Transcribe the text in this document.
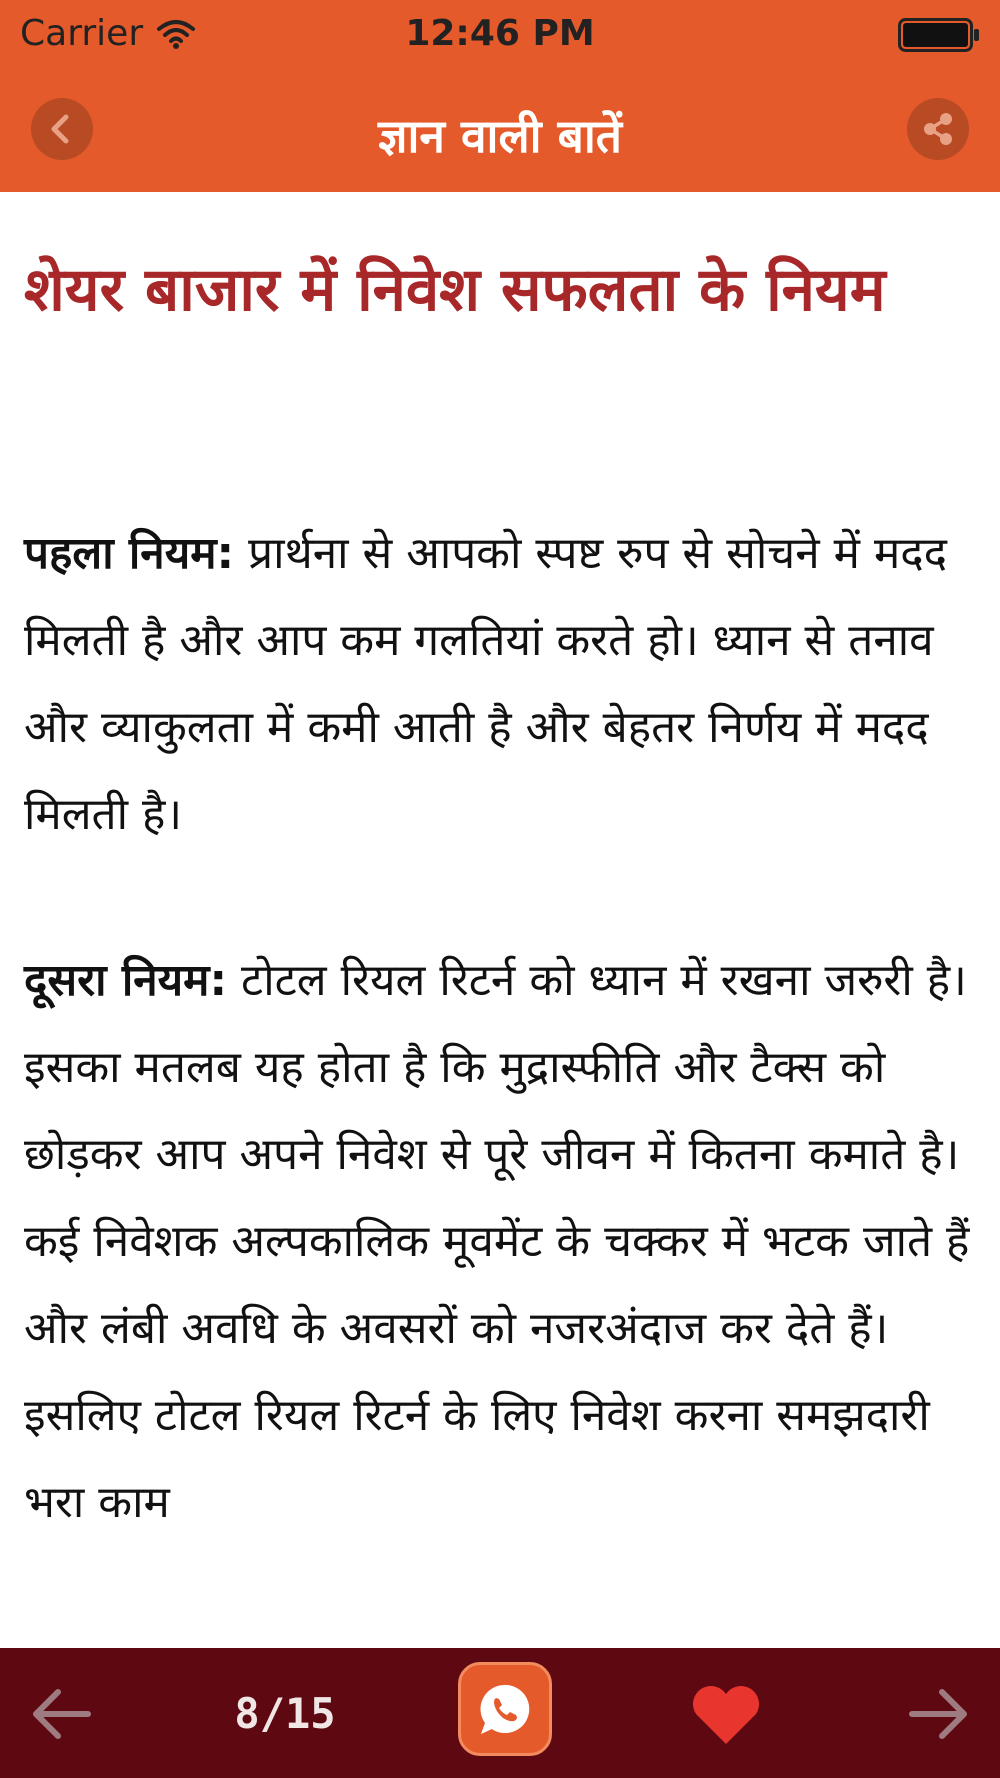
Carrier	12:46 PM
ज्ञान वाली बातें
शेयर बाजार में निवेश सफलता के नियम

पहला नियम: प्रार्थना से आपको स्पष्ट रुप से सोचने में मदद मिलती है और आप कम गलतियां करते हो। ध्यान से तनाव और व्याकुलता में कमी आती है और बेहतर निर्णय में मदद मिलती है।

दूसरा नियम: टोटल रियल रिटर्न को ध्यान में रखना जरुरी है। इसका मतलब यह होता है कि मुद्रास्फीति और टैक्स को छोड़कर आप अपने निवेश से पूरे जीवन में कितना कमाते है। कई निवेशक अल्पकालिक मूवमेंट के चक्कर में भटक जाते हैं और लंबी अवधि के अवसरों को नजरअंदाज कर देते हैं। इसलिए टोटल रियल रिटर्न के लिए निवेश करना समझदारी भरा काम

8/15
